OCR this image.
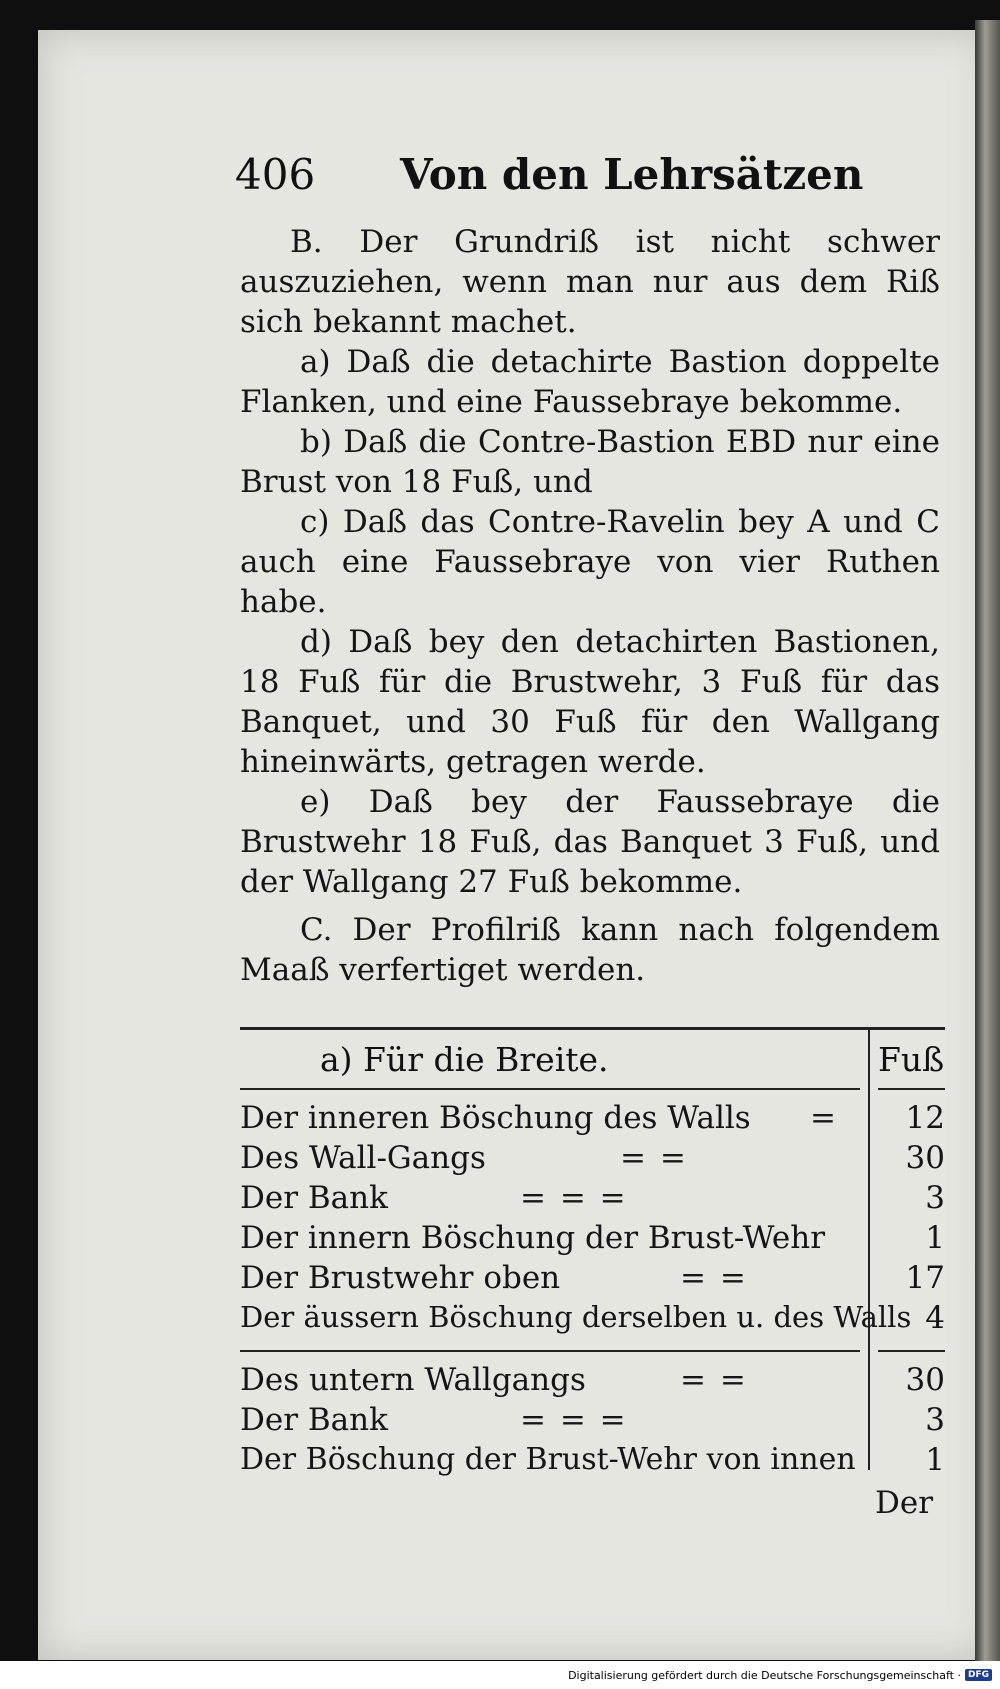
406 Von den Lehrsätzen

B. Der Grundriß ist nicht schwer auszuziehen, wenn man nur aus dem Riß sich bekannt machet.

a) Daß die detachirte Bastion doppelte Flanken, und eine Faussebraye bekomme.

b) Daß die Contre-Bastion EBD nur eine Brust von 18 Fuß, und

c) Daß das Contre-Ravelin bey A und C auch eine Faussebraye von vier Ruthen habe.

d) Daß bey den detachirten Bastionen, 18 Fuß für die Brustwehr, 3 Fuß für das Banquet, und 30 Fuß für den Wallgang hineinwärts, getragen werde.

e) Daß bey der Faussebraye die Brustwehr 18 Fuß, das Banquet 3 Fuß, und der Wallgang 27 Fuß bekomme.

C. Der Profilriß kann nach folgendem Maaß verfertiget werden.

a) Für die Breite.	Fuß
Der inneren Böschung des Walls =	12
Des Wall-Gangs	= =	30
Der Bank	= = =	3
Der innern Böschung der Brust-Wehr	1
Der Brustwehr oben	= =	17
Der äussern Böschung derselben u. des Walls 4
Des untern Wallgangs	= =	30
Der Bank	= = =	3
Der Böschung der Brust-Wehr von innen	1
Der
Digitalisierung gefördert durch die Deutsche Forschungsgemeinschaft · DFG
